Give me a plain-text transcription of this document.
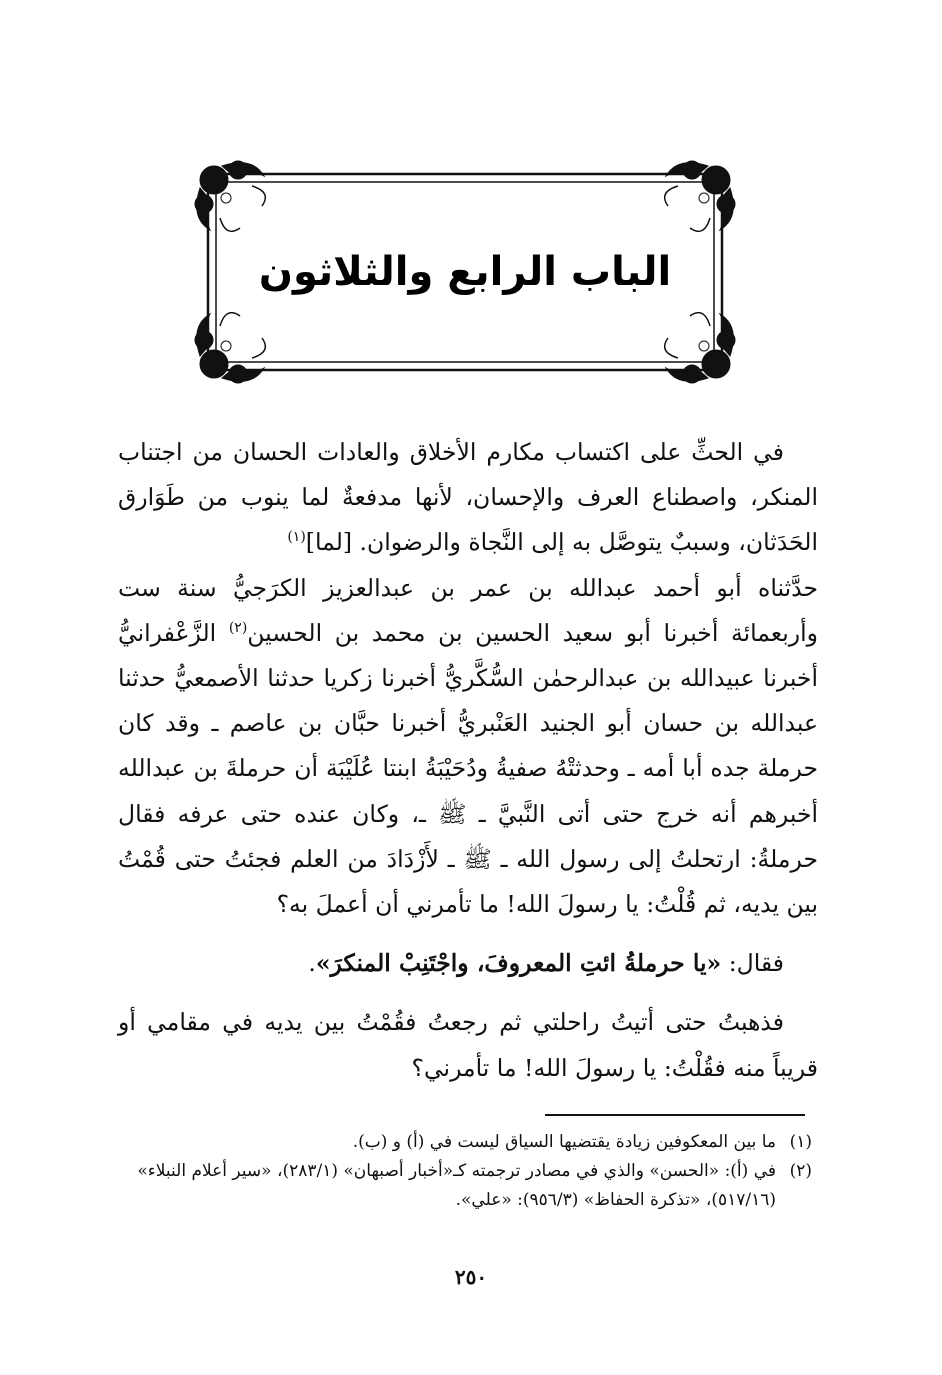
الباب الرابع والثلاثون

في الحثِّ على اكتساب مكارم الأخلاق والعادات الحسان من اجتناب المنكر، واصطناع العرف والإحسان، لأنها مدفعةٌ لما ينوب من طَوَارق الحَدَثان، وسببٌ يتوصَّل به إلى النَّجاة والرضوان. [لما]$^{(١)}$

حدَّثناه أبو أحمد عبدالله بن عمر بن عبدالعزيز الكرَجيُّ سنة ست وأربعمائة أخبرنا أبو سعيد الحسين بن محمد بن الحسين$^{(٢)}$ الزَّعْفرانيُّ أخبرنا عبيدالله بن عبدالرحمٰن السُّكَّريُّ أخبرنا زكريا حدثنا الأصمعيُّ حدثنا عبدالله بن حسان أبو الجنيد العَنْبريُّ أخبرنا حبَّان بن عاصم ـ وقد كان حرملة جده أبا أمه ـ وحدثتْهُ صفيةُ ودُحَيْبَةُ ابنتا عُلَيْبَة أن حرملةَ بن عبدالله أخبرهم أنه خرج حتى أتى النَّبيَّ ـ ﷺ ـ، وكان عنده حتى عرفه فقال حرملةُ: ارتحلتُ إلى رسول الله ـ ﷺ ـ لأَزْدَادَ من العلم فجئتُ حتى قُمْتُ بين يديه، ثم قُلْتُ: يا رسولَ الله! ما تأمرني أن أعملَ به؟

فقال: «يا حرملةُ ائتِ المعروفَ، واجْتَنِبْ المنكرَ».

فذهبتُ حتى أتيتُ راحلتي ثم رجعتُ فقُمْتُ بين يديه في مقامي أو قريباً منه فقُلْتُ: يا رسولَ الله! ما تأمرني؟

(١)
ما بين المعكوفين زيادة يقتضيها السياق ليست في (أ) و (ب).
(٢)
في (أ): «الحسن» والذي في مصادر ترجمته كـ«أخبار أصبهان» (٢٨٣/١)، «سير أعلام النبلاء» (٥١٧/١٦)، «تذكرة الحفاظ» (٩٥٦/٣): «علي».
٢٥٠
